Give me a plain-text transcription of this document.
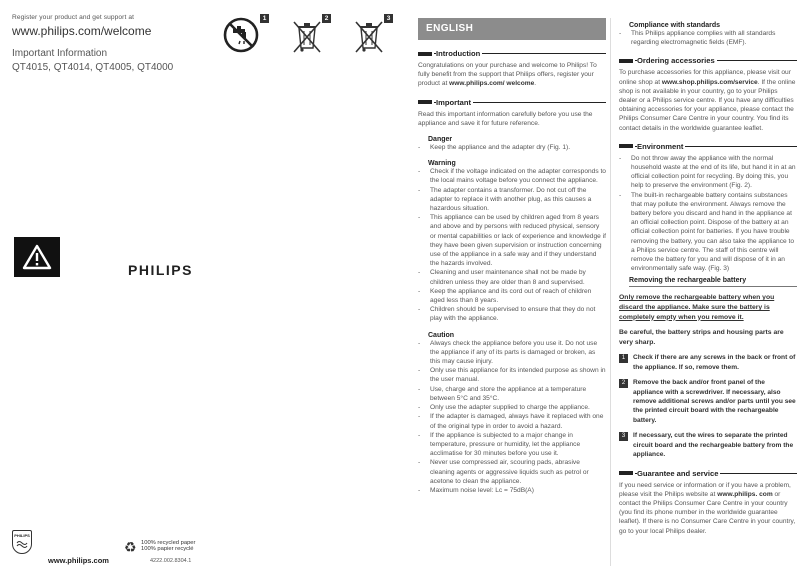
Register your product and get support at
www.philips.com/welcome
Important Information
QT4015, QT4014, QT4005, QT4000
PHILIPS
PHILIPS
www.philips.com
♻ 100% recycled paper
100% papier recyclé
4222.002.8304.1
1	2	3
ENGLISH
Introduction
Congratulations on your purchase and welcome to Philips! To fully benefit from the support that Philips offers, register your product at www.philips.com/ welcome.
Important
Read this important information carefully before you use the appliance and save it for future reference.
Danger
- Keep the appliance and the adapter dry (Fig. 1).
Warning
- Check if the voltage indicated on the adapter corresponds to the local mains voltage before you connect the appliance.
- The adapter contains a transformer. Do not cut off the adapter to replace it with another plug, as this causes a hazardous situation.
- This appliance can be used by children aged from 8 years and above and by persons with reduced physical, sensory or mental capabilities or lack of experience and knowledge if they have been given supervision or instruction concerning use of the appliance in a safe way and if they understand the hazards involved.
- Cleaning and user maintenance shall not be made by children unless they are older than 8 and supervised.
- Keep the appliance and its cord out of reach of children aged less than 8 years.
- Children should be supervised to ensure that they do not play with the appliance.
Caution
- Always check the appliance before you use it. Do not use the appliance if any of its parts is damaged or broken, as this may cause injury.
- Only use this appliance for its intended purpose as shown in the user manual.
- Use, charge and store the appliance at a temperature between 5°C and 35°C.
- Only use the adapter supplied to charge the appliance.
- If the adapter is damaged, always have it replaced with one of the original type in order to avoid a hazard.
- If the appliance is subjected to a major change in temperature, pressure or humidity, let the appliance acclimatise for 30 minutes before you use it.
- Never use compressed air, scouring pads, abrasive cleaning agents or aggressive liquids such as petrol or acetone to clean the appliance.
- Maximum noise level: Lc = 75dB(A)
Compliance with standards
- This Philips appliance complies with all standards regarding electromagnetic fields (EMF).
Ordering accessories
To purchase accessories for this appliance, please visit our online shop at www.shop.philips.com/service. If the online shop is not available in your country, go to your Philips dealer or a Philips service centre. If you have any difficulties obtaining accessories for your appliance, please contact the Philips Consumer Care Centre in your country. You find its contact details in the worldwide guarantee leaflet.
Environment
- Do not throw away the appliance with the normal household waste at the end of its life, but hand it in at an official collection point for recycling. By doing this, you help to preserve the environment (Fig. 2).
- The built-in rechargeable battery contains substances that may pollute the environment. Always remove the battery before you discard and hand in the appliance at an official collection point. Dispose of the battery at an official collection point for batteries. If you have trouble removing the battery, you can also take the appliance to a Philips service centre. The staff of this centre will remove the battery for you and will dispose of it in an environmentally safe way. (Fig. 3)
Removing the rechargeable battery
Only remove the rechargeable battery when you discard the appliance. Make sure the battery is completely empty when you remove it.
Be careful, the battery strips and housing parts are very sharp.
1	Check if there are any screws in the back or front of the appliance. If so, remove them.
2	Remove the back and/or front panel of the appliance with a screwdriver. If necessary, also remove additional screws and/or parts until you see the printed circuit board with the rechargeable battery.
3	If necessary, cut the wires to separate the printed circuit board and the rechargeable battery from the appliance.
Guarantee and service
If you need service or information or if you have a problem, please visit the Philips website at www.philips. com or contact the Philips Consumer Care Centre in your country (you find its phone number in the worldwide guarantee leaflet). If there is no Consumer Care Centre in your country, go to your local Philips dealer.
